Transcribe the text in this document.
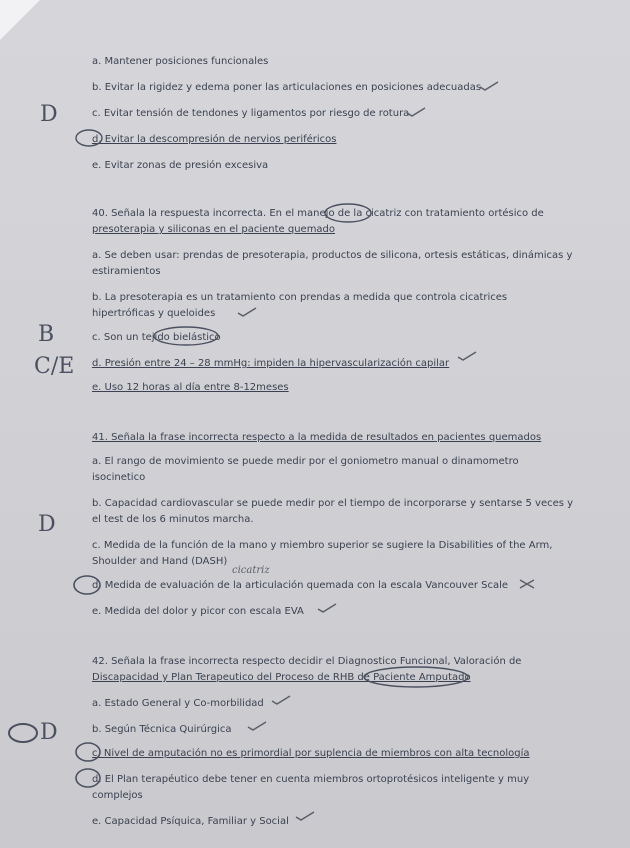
a. Mantener posiciones funcionales
b. Evitar la rigidez y edema poner las articulaciones en posiciones adecuadas
c. Evitar tensión de tendones y ligamentos por riesgo de rotura
D
d. Evitar la descompresión de nervios periféricos
e. Evitar zonas de presión excesiva
40. Señala la respuesta incorrecta. En el manejo de la cicatriz con tratamiento ortésico de
presoterapia y siliconas en el paciente quemado
a. Se deben usar: prendas de presoterapia, productos de silicona, ortesis estáticas, dinámicas y
estiramientos
b. La presoterapia es un tratamiento con prendas a medida que controla cicatrices
hipertróficas y queloides
c. Son un tejido bielástico
B
d. Presión entre 24 – 28 mmHg: impiden la hipervascularización capilar
C/E
e. Uso 12 horas al día entre 8-12meses
41. Señala la frase incorrecta respecto a la medida de resultados en pacientes quemados
a. El rango de movimiento se puede medir por el goniometro manual o dinamometro
isocinetico
b. Capacidad cardiovascular se puede medir por el tiempo de incorporarse y sentarse 5 veces y
el test de los 6 minutos marcha.
D
c. Medida de la función de la mano y miembro superior se sugiere la Disabilities of the Arm,
Shoulder and Hand (DASH)
cicatriz
d. Medida de evaluación de la articulación quemada con la escala Vancouver Scale
e. Medida del dolor y picor con escala EVA
42. Señala la frase incorrecta respecto decidir el Diagnostico Funcional, Valoración de
Discapacidad y Plan Terapeutico del Proceso de RHB de Paciente Amputado
a. Estado General y Co-morbilidad
b. Según Técnica Quirúrgica
D
c. Nivel de amputación no es primordial por suplencia de miembros con alta tecnología
d. El Plan terapéutico debe tener en cuenta miembros ortoprotésicos inteligente y muy
complejos
e. Capacidad Psíquica, Familiar y Social
